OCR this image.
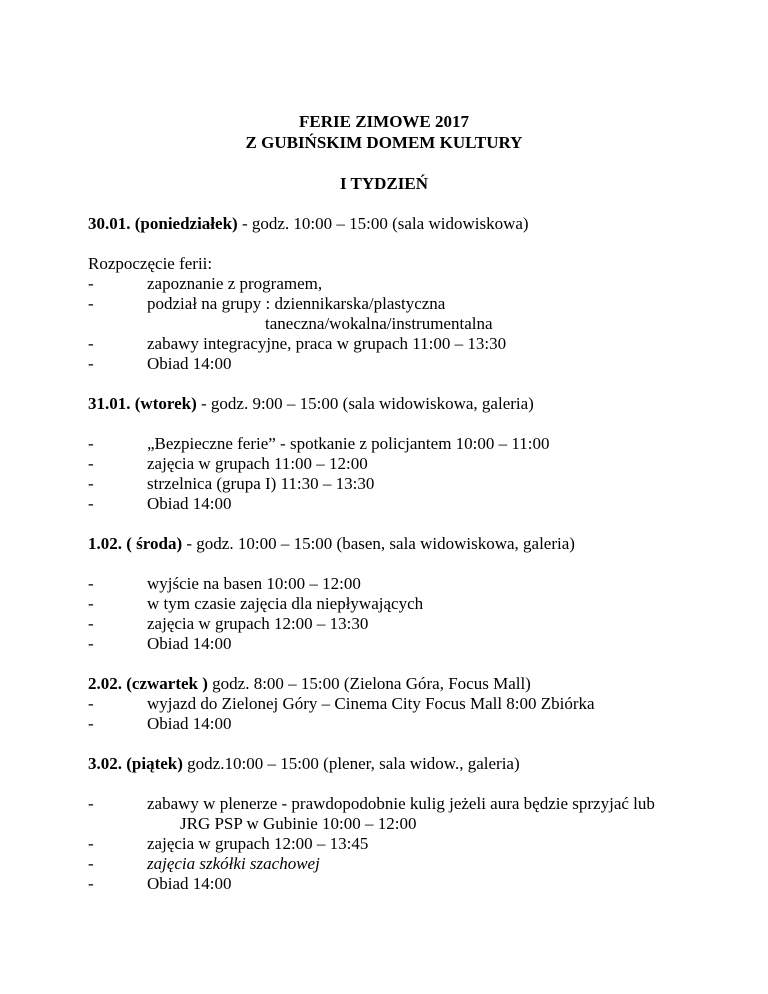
FERIE ZIMOWE 2017
Z GUBIŃSKIM DOMEM KULTURY
I TYDZIEŃ
30.01. (poniedziałek) - godz. 10:00 – 15:00 (sala widowiskowa)
Rozpoczęcie ferii:
-	zapoznanie z programem,
-	podział na grupy : dziennikarska/plastyczna
taneczna/wokalna/instrumentalna
-	zabawy integracyjne, praca w grupach 11:00 – 13:30
-	Obiad 14:00
31.01. (wtorek) - godz. 9:00 – 15:00 (sala widowiskowa, galeria)
-	„Bezpieczne ferie” - spotkanie z policjantem 10:00 – 11:00
-	zajęcia w grupach 11:00 – 12:00
-	strzelnica (grupa I) 11:30 – 13:30
-	Obiad 14:00
1.02. ( środa) - godz. 10:00 – 15:00 (basen, sala widowiskowa, galeria)
-	wyjście na basen 10:00 – 12:00
-	w tym czasie zajęcia dla niepływających
-	zajęcia w grupach 12:00 – 13:30
-	Obiad 14:00
2.02. (czwartek ) godz. 8:00 – 15:00 (Zielona Góra, Focus Mall)
-	wyjazd do Zielonej Góry – Cinema City Focus Mall 8:00 Zbiórka
-	Obiad 14:00
3.02. (piątek) godz.10:00 – 15:00 (plener, sala widow., galeria)
-	zabawy w plenerze - prawdopodobnie kulig jeżeli aura będzie sprzyjać lub
JRG PSP w Gubinie 10:00 – 12:00
-	zajęcia w grupach 12:00 – 13:45
-	zajęcia szkółki szachowej
-	Obiad 14:00
